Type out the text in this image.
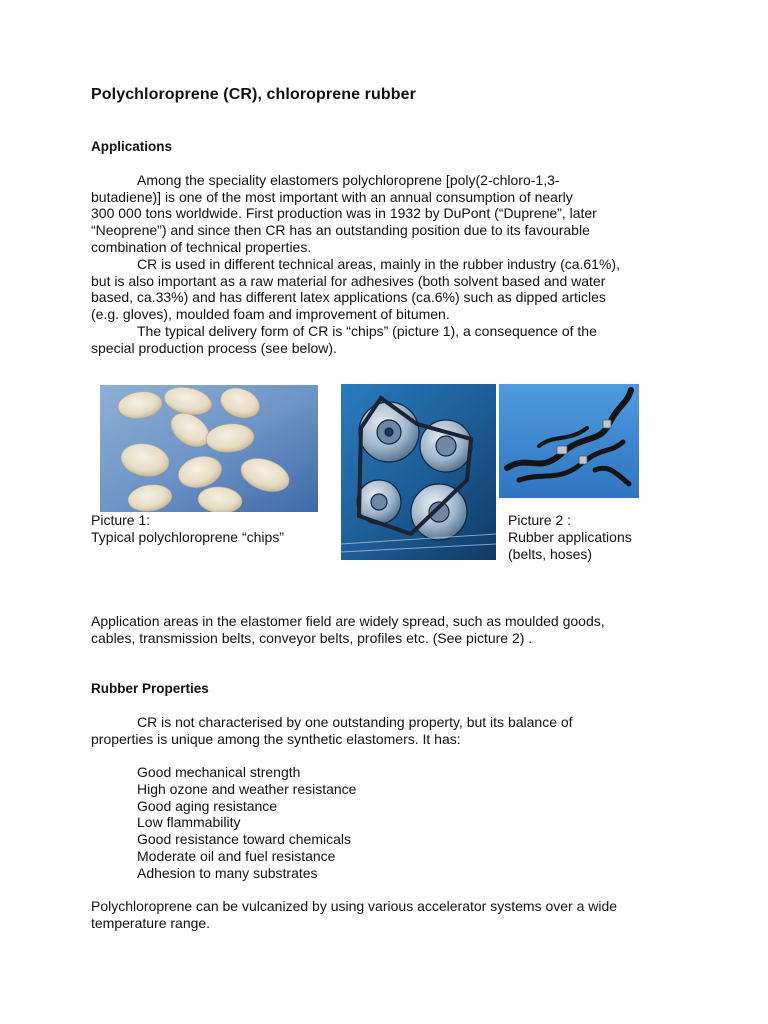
Polychloroprene (CR), chloroprene rubber
Applications
Among the speciality elastomers polychloroprene [poly(2-chloro-1,3-
butadiene)] is one of the most important with an annual consumption of nearly
300 000 tons worldwide. First production was in 1932 by DuPont (“Duprene”, later
“Neoprene”) and since then CR has an outstanding position due to its favourable
combination of technical properties.
CR is used in different technical areas, mainly in the rubber industry (ca.61%),
but is also important as a raw material for adhesives (both solvent based and water
based, ca.33%) and has different latex applications (ca.6%) such as dipped articles
(e.g. gloves), moulded foam and improvement of bitumen.
The typical delivery form of CR is “chips” (picture 1), a consequence of the
special production process (see below).
Picture 1:
Typical polychloroprene “chips”
Picture 2 :
Rubber applications
(belts, hoses)
Application areas in the elastomer field are widely spread, such as moulded goods,
cables, transmission belts, conveyor belts, profiles etc. (See picture 2) .
Rubber Properties
CR is not characterised by one outstanding property, but its balance of
properties is unique among the synthetic elastomers. It has:
Good mechanical strength
High ozone and weather resistance
Good aging resistance
Low flammability
Good resistance toward chemicals
Moderate oil and fuel resistance
Adhesion to many substrates
Polychloroprene can be vulcanized by using various accelerator systems over a wide
temperature range.
